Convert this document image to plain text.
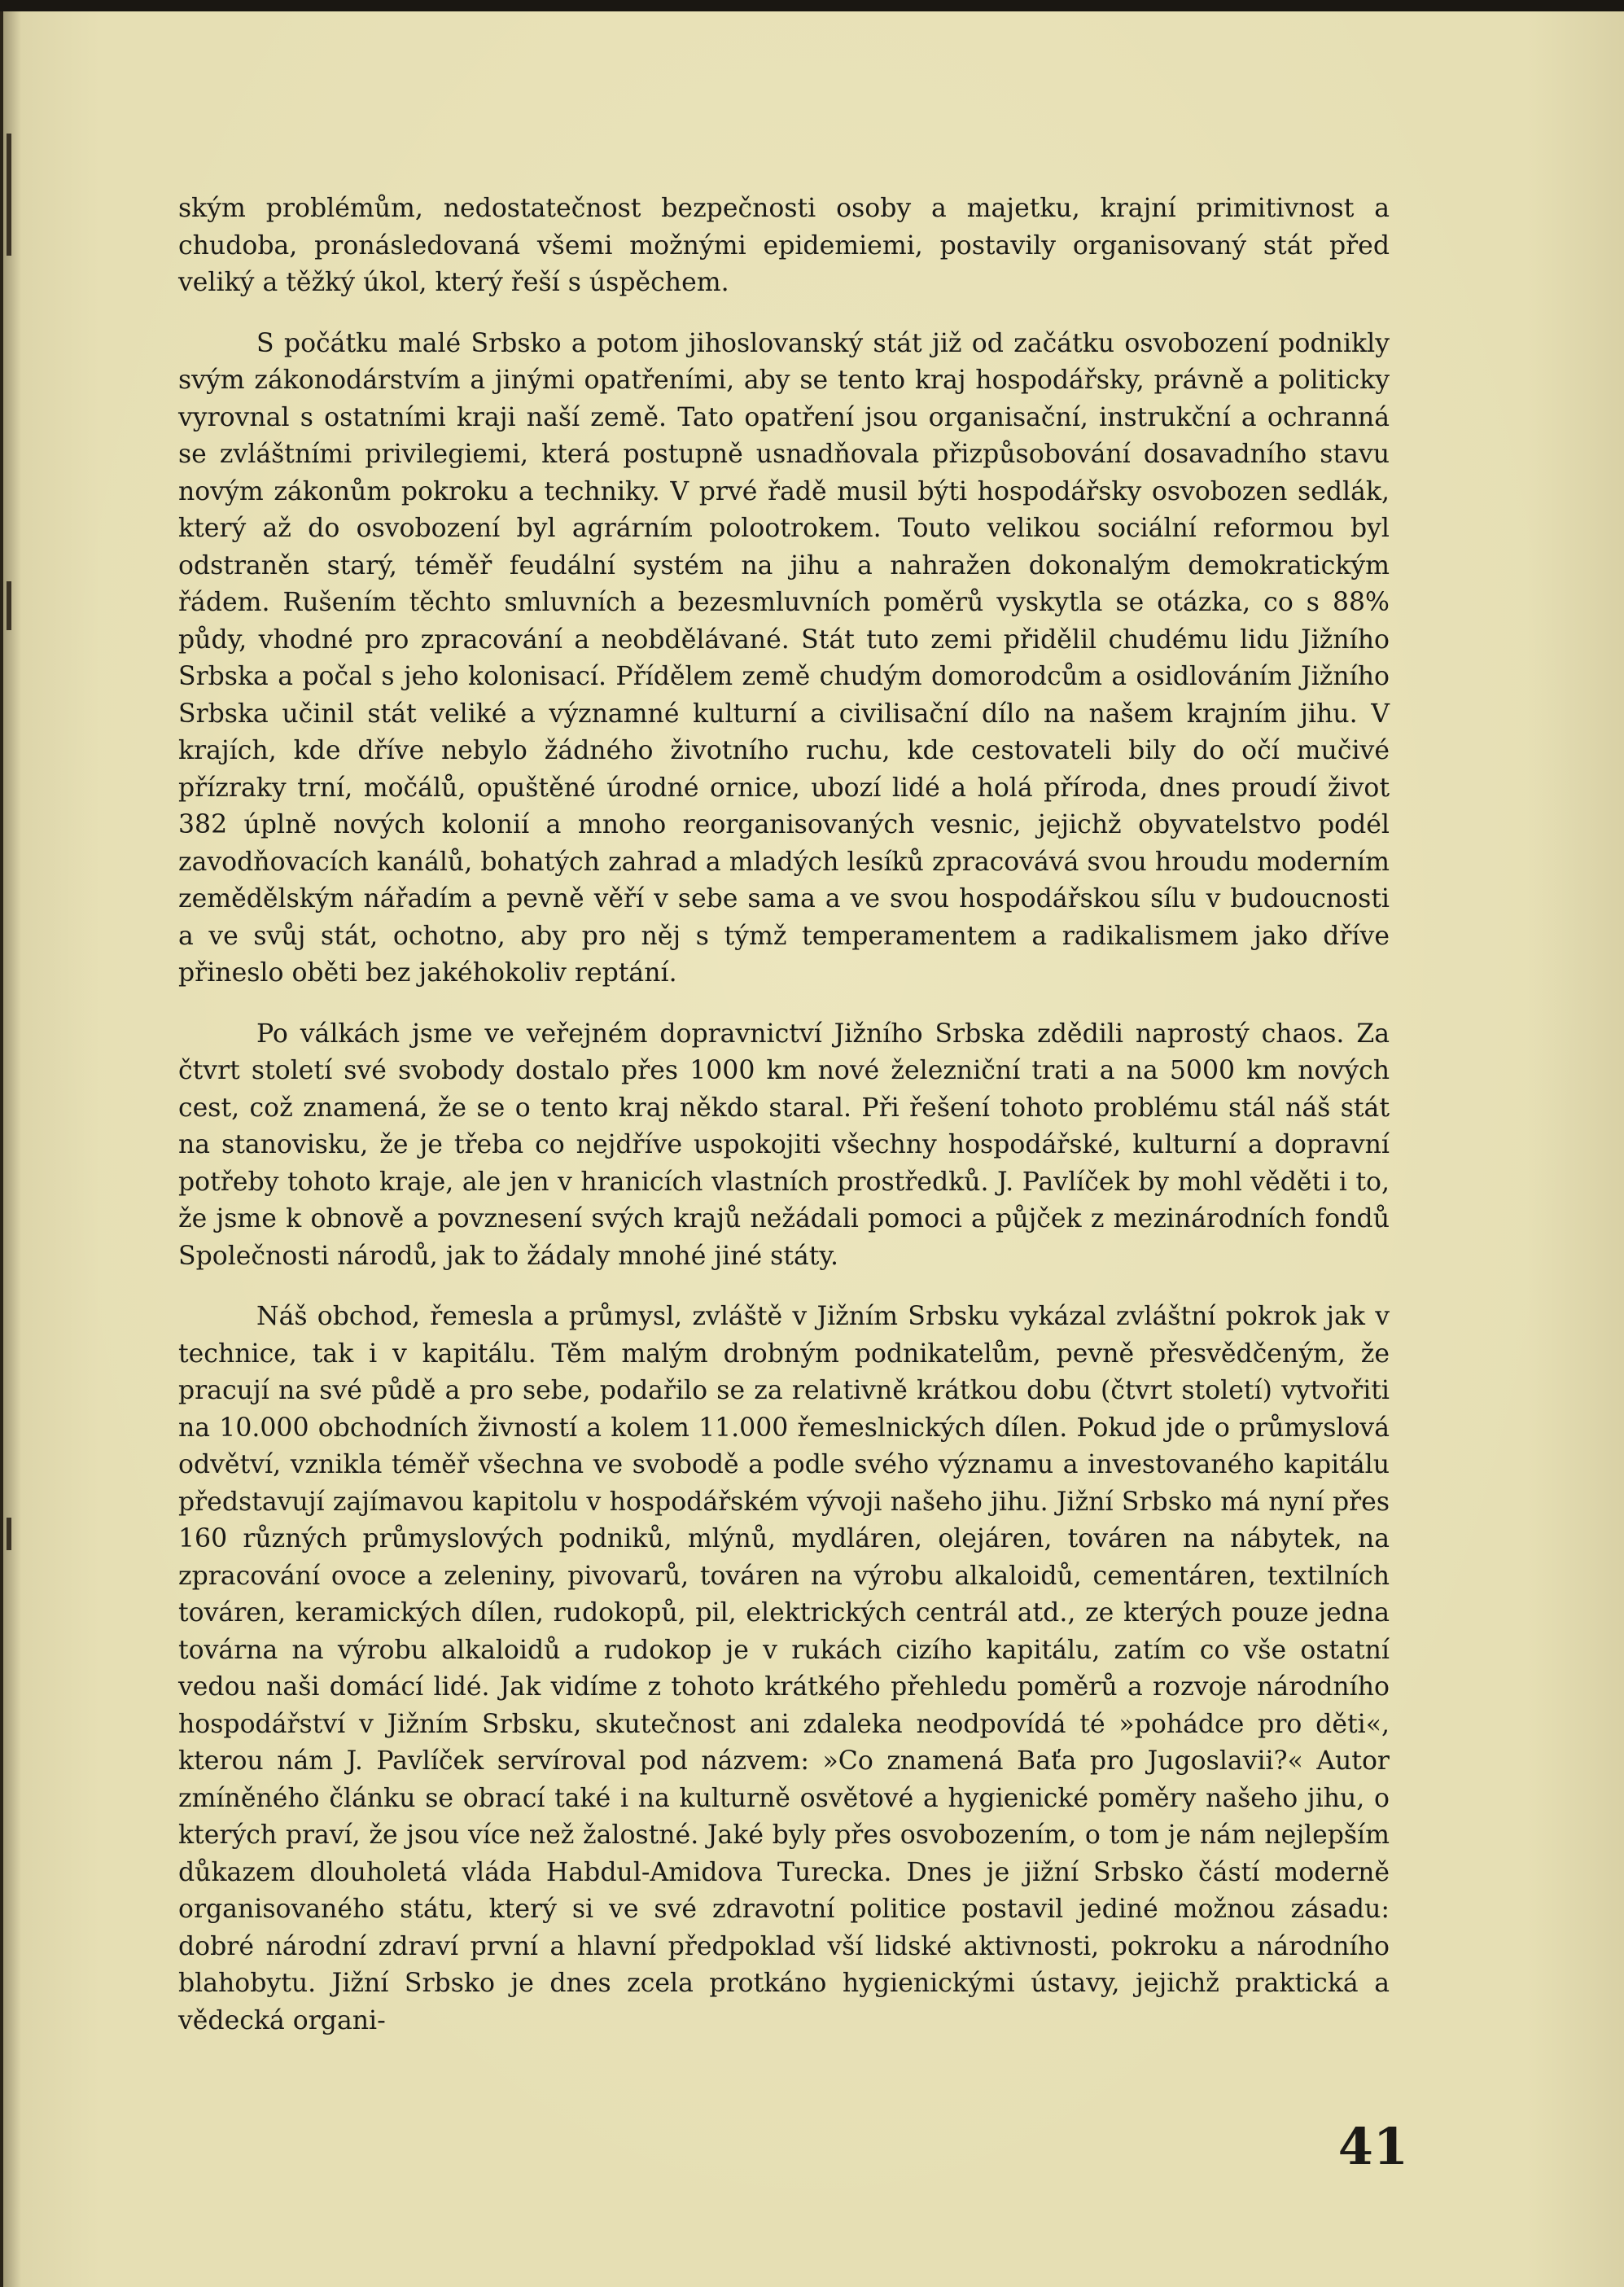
ským problémům, nedostatečnost bezpečnosti osoby a majetku, krajní primitivnost a chudoba, pronásledovaná všemi možnými epidemiemi, postavily organisovaný stát před veliký a těžký úkol, který řeší s úspěchem.

S počátku malé Srbsko a potom jihoslovanský stát již od začátku osvobození podnikly svým zákonodárstvím a jinými opatřeními, aby se tento kraj hospodářsky, právně a politicky vyrovnal s ostatními kraji naší země. Tato opatření jsou organisační, instrukční a ochranná se zvláštními privilegiemi, která postupně usnadňovala přizpůsobování dosavadního stavu novým zákonům pokroku a techniky. V prvé řadě musil býti hospodářsky osvobozen sedlák, který až do osvobození byl agrárním polootrokem. Touto velikou sociální reformou byl odstraněn starý, téměř feudální systém na jihu a nahražen dokonalým demokratickým řádem. Rušením těchto smluvních a bezesmluvních poměrů vyskytla se otázka, co s 88% půdy, vhodné pro zpracování a neobdělávané. Stát tuto zemi přidělil chudému lidu Jižního Srbska a počal s jeho kolonisací. Přídělem země chudým domorodcům a osidlováním Jižního Srbska učinil stát veliké a významné kulturní a civilisační dílo na našem krajním jihu. V krajích, kde dříve nebylo žádného životního ruchu, kde cestovateli bily do očí mučivé přízraky trní, močálů, opuštěné úrodné ornice, ubozí lidé a holá příroda, dnes proudí život 382 úplně nových kolonií a mnoho reorganisovaných vesnic, jejichž obyvatelstvo podél zavodňovacích kanálů, bohatých zahrad a mladých lesíků zpracovává svou hroudu moderním zemědělským nářadím a pevně věří v sebe sama a ve svou hospodářskou sílu v budoucnosti a ve svůj stát, ochotno, aby pro něj s týmž temperamentem a radikalismem jako dříve přineslo oběti bez jakéhokoliv reptání.

Po válkách jsme ve veřejném dopravnictví Jižního Srbska zdědili naprostý chaos. Za čtvrt století své svobody dostalo přes 1000 km nové železniční trati a na 5000 km nových cest, což znamená, že se o tento kraj někdo staral. Při řešení tohoto problému stál náš stát na stanovisku, že je třeba co nejdříve uspokojiti všechny hospodářské, kulturní a dopravní potřeby tohoto kraje, ale jen v hranicích vlastních prostředků. J. Pavlíček by mohl věděti i to, že jsme k obnově a povznesení svých krajů nežádali pomoci a půjček z mezinárodních fondů Společnosti národů, jak to žádaly mnohé jiné státy.

Náš obchod, řemesla a průmysl, zvláště v Jižním Srbsku vykázal zvláštní pokrok jak v technice, tak i v kapitálu. Těm malým drobným podnikatelům, pevně přesvědčeným, že pracují na své půdě a pro sebe, podařilo se za relativně krátkou dobu (čtvrt století) vytvořiti na 10.000 obchodních živností a kolem 11.000 řemeslnických dílen. Pokud jde o průmyslová odvětví, vznikla téměř všechna ve svobodě a podle svého významu a investovaného kapitálu představují zajímavou kapitolu v hospodářském vývoji našeho jihu. Jižní Srbsko má nyní přes 160 různých průmyslových podniků, mlýnů, mydláren, olejáren, továren na nábytek, na zpracování ovoce a zeleniny, pivovarů, továren na výrobu alkaloidů, cementáren, textilních továren, keramických dílen, rudokopů, pil, elektrických centrál atd., ze kterých pouze jedna továrna na výrobu alkaloidů a rudokop je v rukách cizího kapitálu, zatím co vše ostatní vedou naši domácí lidé. Jak vidíme z tohoto krátkého přehledu poměrů a rozvoje národního hospodářství v Jižním Srbsku, skutečnost ani zdaleka neodpovídá té »pohádce pro děti«, kterou nám J. Pavlíček servíroval pod názvem: »Co znamená Baťa pro Jugoslavii?« Autor zmíněného článku se obrací také i na kulturně osvětové a hygienické poměry našeho jihu, o kterých praví, že jsou více než žalostné. Jaké byly přes osvobozením, o tom je nám nejlepším důkazem dlouholetá vláda Habdul-Amidova Turecka. Dnes je jižní Srbsko částí moderně organisovaného státu, který si ve své zdravotní politice postavil jediné možnou zásadu: dobré národní zdraví první a hlavní předpoklad vší lidské aktivnosti, pokroku a národního blahobytu. Jižní Srbsko je dnes zcela protkáno hygienickými ústavy, jejichž praktická a vědecká organi-

41
